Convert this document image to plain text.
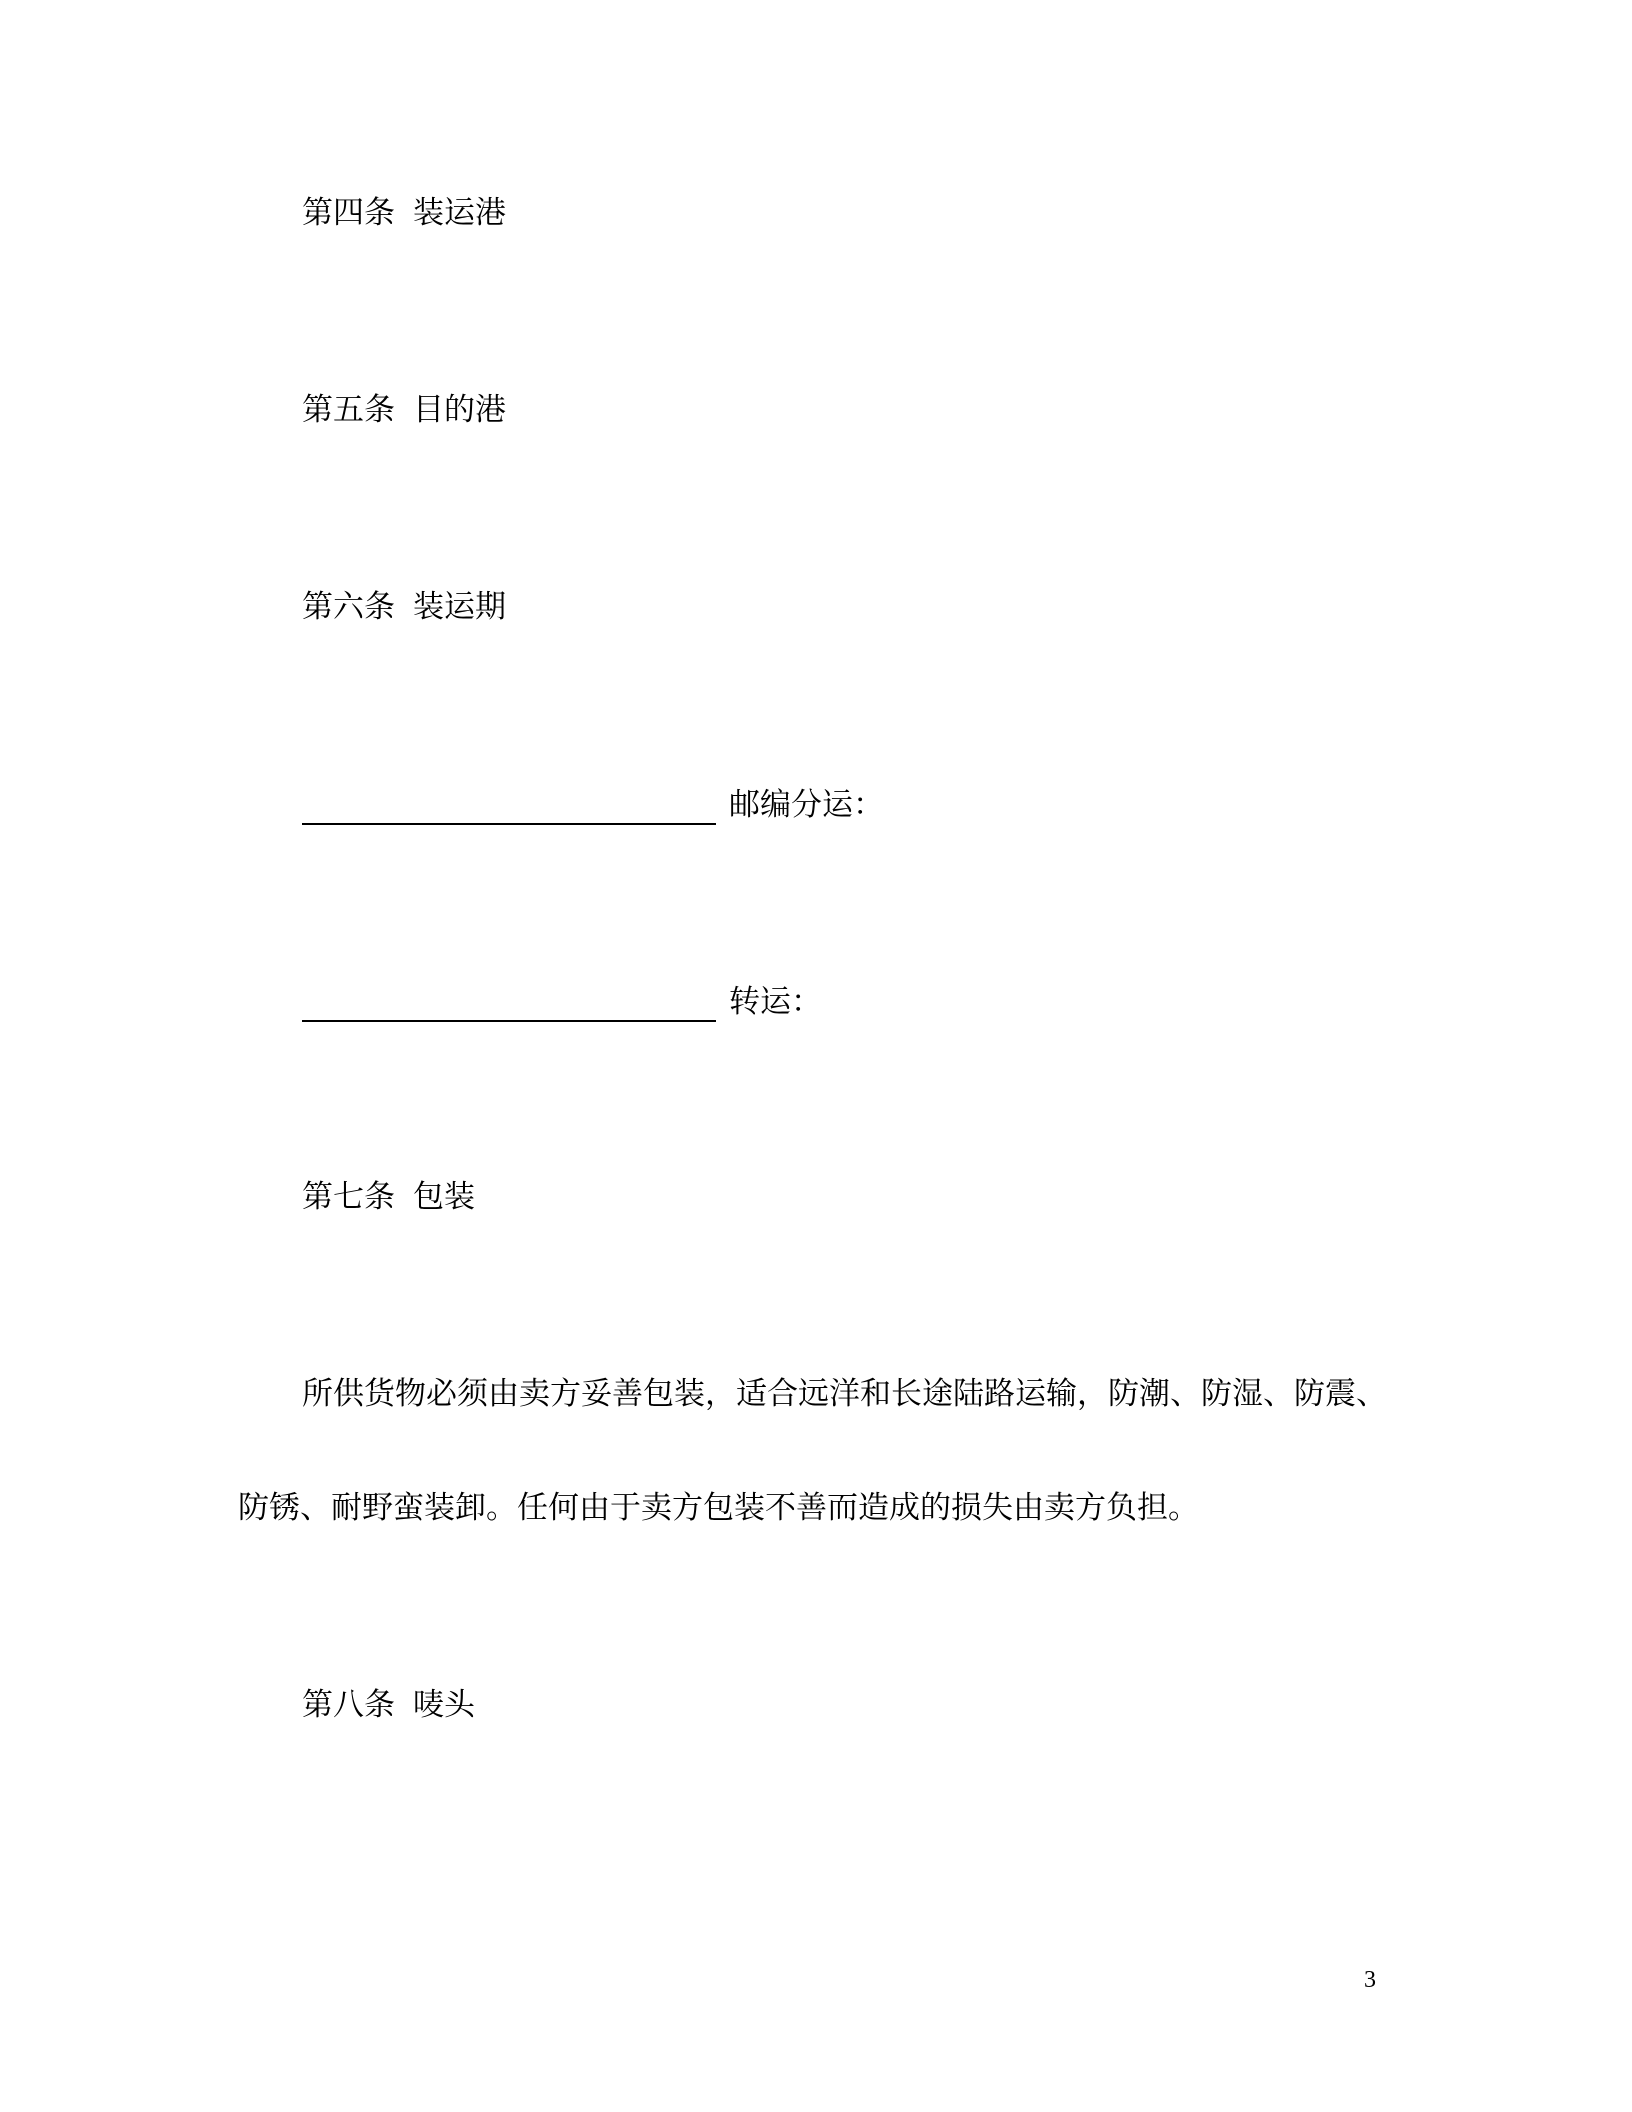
第四条 装运港
第五条 目的港
第六条 装运期
邮编分运：
转运：
第七条 包装
所供货物必须由卖方妥善包装，适合远洋和长途陆路运输，防潮、防湿、防震、
防锈、耐野蛮装卸。任何由于卖方包装不善而造成的损失由卖方负担。
第八条 唛头
3
